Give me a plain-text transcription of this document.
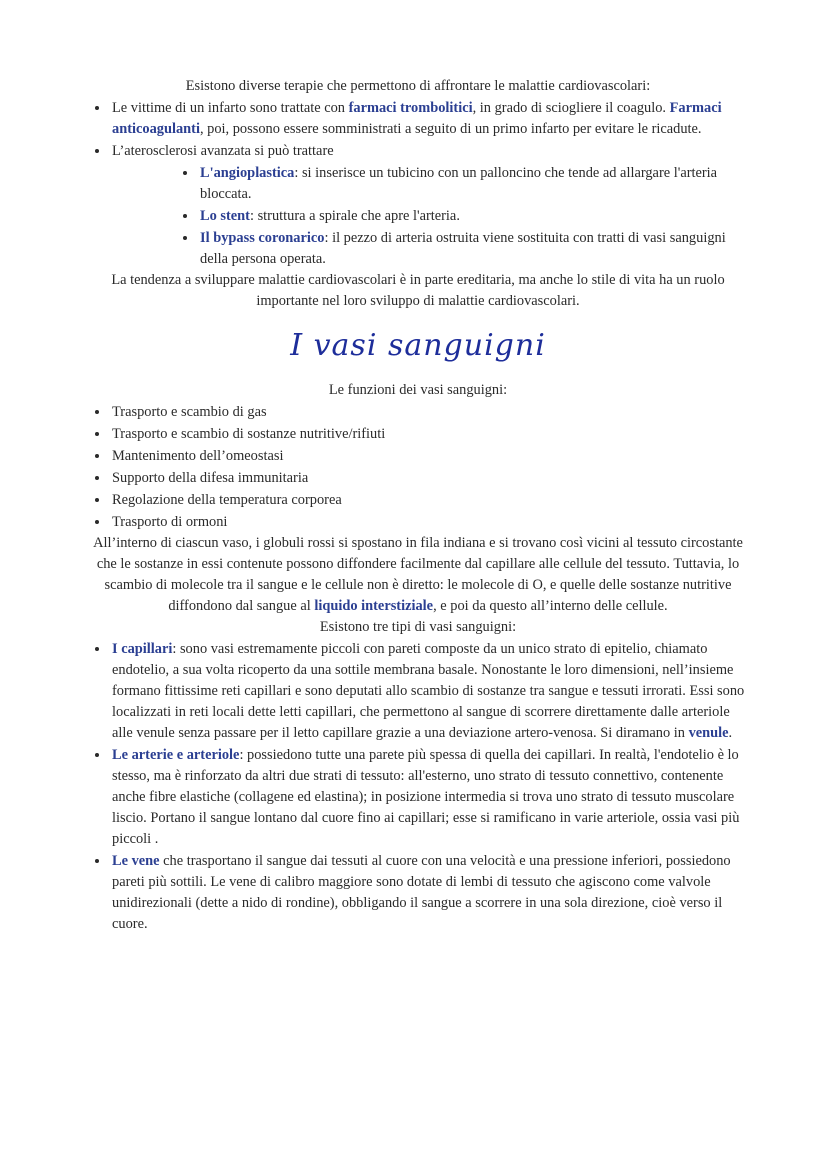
Esistono diverse terapie che permettono di affrontare le malattie cardiovascolari:

• Le vittime di un infarto sono trattate con farmaci trombolitici, in grado di sciogliere il coagulo. Farmaci anticoagulanti, poi, possono essere somministrati a seguito di un primo infarto per evitare le ricadute.
• L’aterosclerosi avanzata si può trattare
• L'angioplastica: si inserisce un tubicino con un palloncino che tende ad allargare l'arteria bloccata.
• Lo stent: struttura a spirale che apre l'arteria.
• Il bypass coronarico: il pezzo di arteria ostruita viene sostituita con tratti di vasi sanguigni della persona operata.

La tendenza a sviluppare malattie cardiovascolari è in parte ereditaria, ma anche lo stile di vita ha un ruolo importante nel loro sviluppo di malattie cardiovascolari.

I vasi sanguigni

Le funzioni dei vasi sanguigni:

• Trasporto e scambio di gas
• Trasporto e scambio di sostanze nutritive/rifiuti
• Mantenimento dell’omeostasi
• Supporto della difesa immunitaria
• Regolazione della temperatura corporea
• Trasporto di ormoni

All’interno di ciascun vaso, i globuli rossi si spostano in fila indiana e si trovano così vicini al tessuto circostante che le sostanze in essi contenute possono diffondere facilmente dal capillare alle cellule del tessuto. Tuttavia, lo scambio di molecole tra il sangue e le cellule non è diretto: le molecole di O, e quelle delle sostanze nutritive diffondono dal sangue al liquido interstiziale, e poi da questo all’interno delle cellule.

Esistono tre tipi di vasi sanguigni:

• I capillari: sono vasi estremamente piccoli con pareti composte da un unico strato di epitelio, chiamato endotelio, a sua volta ricoperto da una sottile membrana basale. Nonostante le loro dimensioni, nell’insieme formano fittissime reti capillari e sono deputati allo scambio di sostanze tra sangue e tessuti irrorati. Essi sono localizzati in reti locali dette letti capillari, che permettono al sangue di scorrere direttamente dalle arteriole alle venule senza passare per il letto capillare grazie a una deviazione artero-venosa. Si diramano in venule.
• Le arterie e arteriole: possiedono tutte una parete più spessa di quella dei capillari. In realtà, l'endotelio è lo stesso, ma è rinforzato da altri due strati di tessuto: all'esterno, uno strato di tessuto connettivo, contenente anche fibre elastiche (collagene ed elastina); in posizione intermedia si trova uno strato di tessuto muscolare liscio. Portano il sangue lontano dal cuore fino ai capillari; esse si ramificano in varie arteriole, ossia vasi più piccoli .
• Le vene che trasportano il sangue dai tessuti al cuore con una velocità e una pressione inferiori, possiedono pareti più sottili. Le vene di calibro maggiore sono dotate di lembi di tessuto che agiscono come valvole unidirezionali (dette a nido di rondine), obbligando il sangue a scorrere in una sola direzione, cioè verso il cuore.
